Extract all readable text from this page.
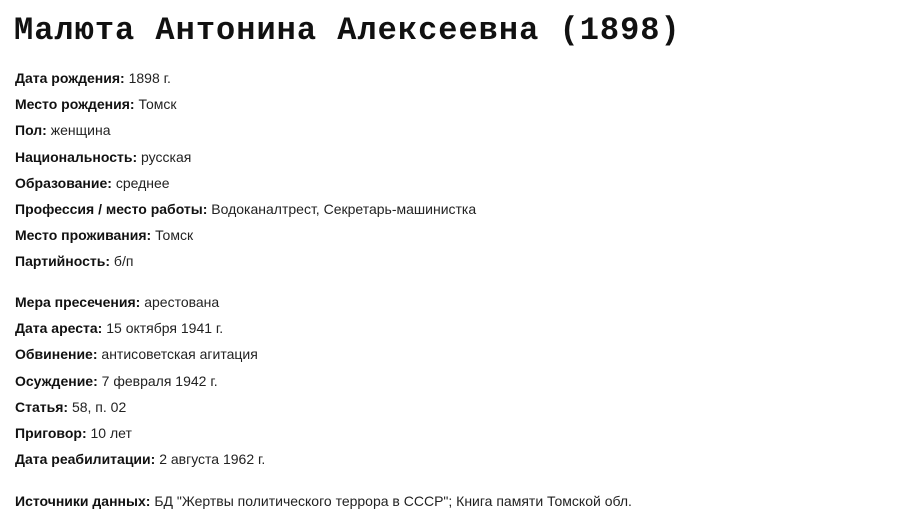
Малюта Антонина Алексеевна (1898)
Дата рождения: 1898 г.
Место рождения: Томск
Пол: женщина
Национальность: русская
Образование: среднее
Профессия / место работы: Водоканалтрест, Секретарь-машинистка
Место проживания: Томск
Партийность: б/п
Мера пресечения: арестована
Дата ареста: 15 октября 1941 г.
Обвинение: антисоветская агитация
Осуждение: 7 февраля 1942 г.
Статья: 58, п. 02
Приговор: 10 лет
Дата реабилитации: 2 августа 1962 г.
Источники данных: БД "Жертвы политического террора в СССР"; Книга памяти Томской обл.
